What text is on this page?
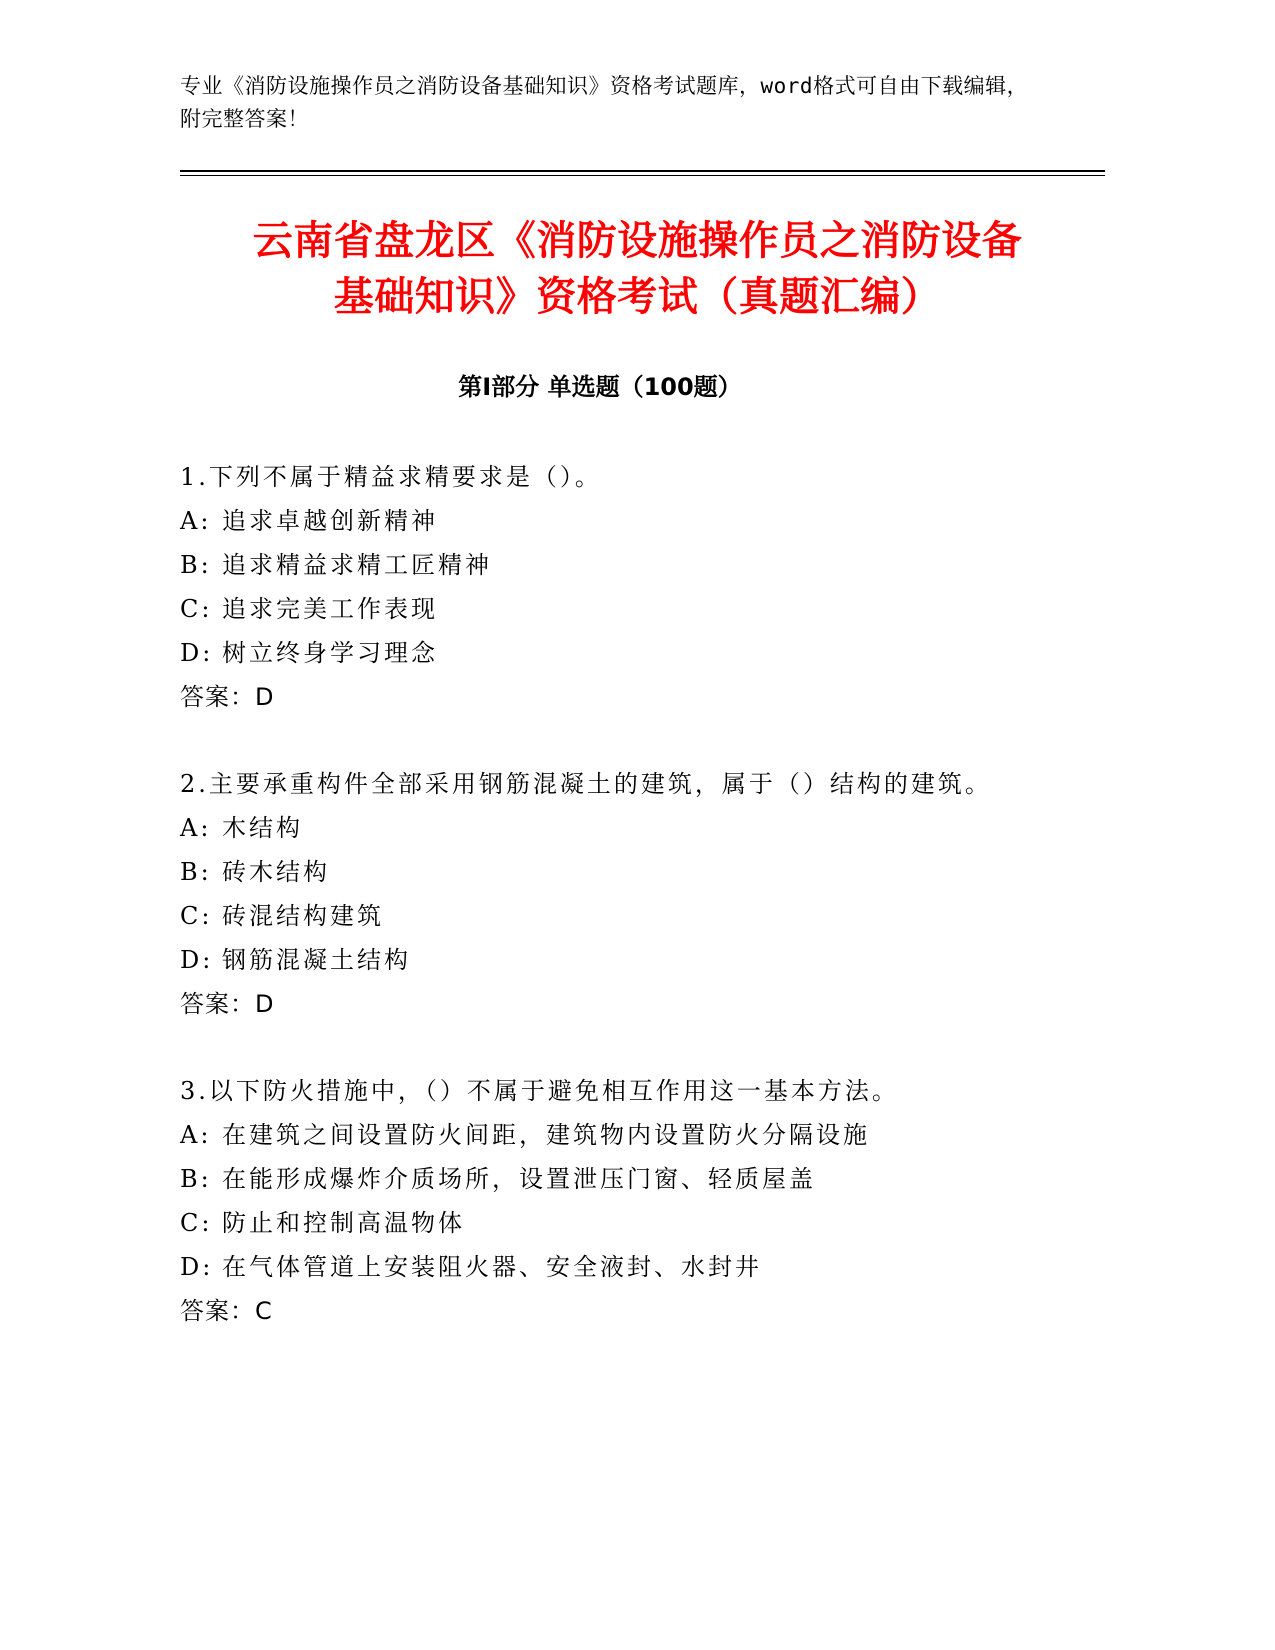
专业《消防设施操作员之消防设备基础知识》资格考试题库，word格式可自由下载编辑，附完整答案！
云南省盘龙区《消防设施操作员之消防设备
基础知识》资格考试（真题汇编）
第Ⅰ部分 单选题（100题）
1.下列不属于精益求精要求是（）。
A: 追求卓越创新精神
B: 追求精益求精工匠精神
C: 追求完美工作表现
D: 树立终身学习理念
答案：D
2.主要承重构件全部采用钢筋混凝土的建筑，属于（）结构的建筑。
A: 木结构
B: 砖木结构
C: 砖混结构建筑
D: 钢筋混凝土结构
答案：D
3.以下防火措施中，（）不属于避免相互作用这一基本方法。
A: 在建筑之间设置防火间距，建筑物内设置防火分隔设施
B: 在能形成爆炸介质场所，设置泄压门窗、轻质屋盖
C: 防止和控制高温物体
D: 在气体管道上安装阻火器、安全液封、水封井
答案：C
